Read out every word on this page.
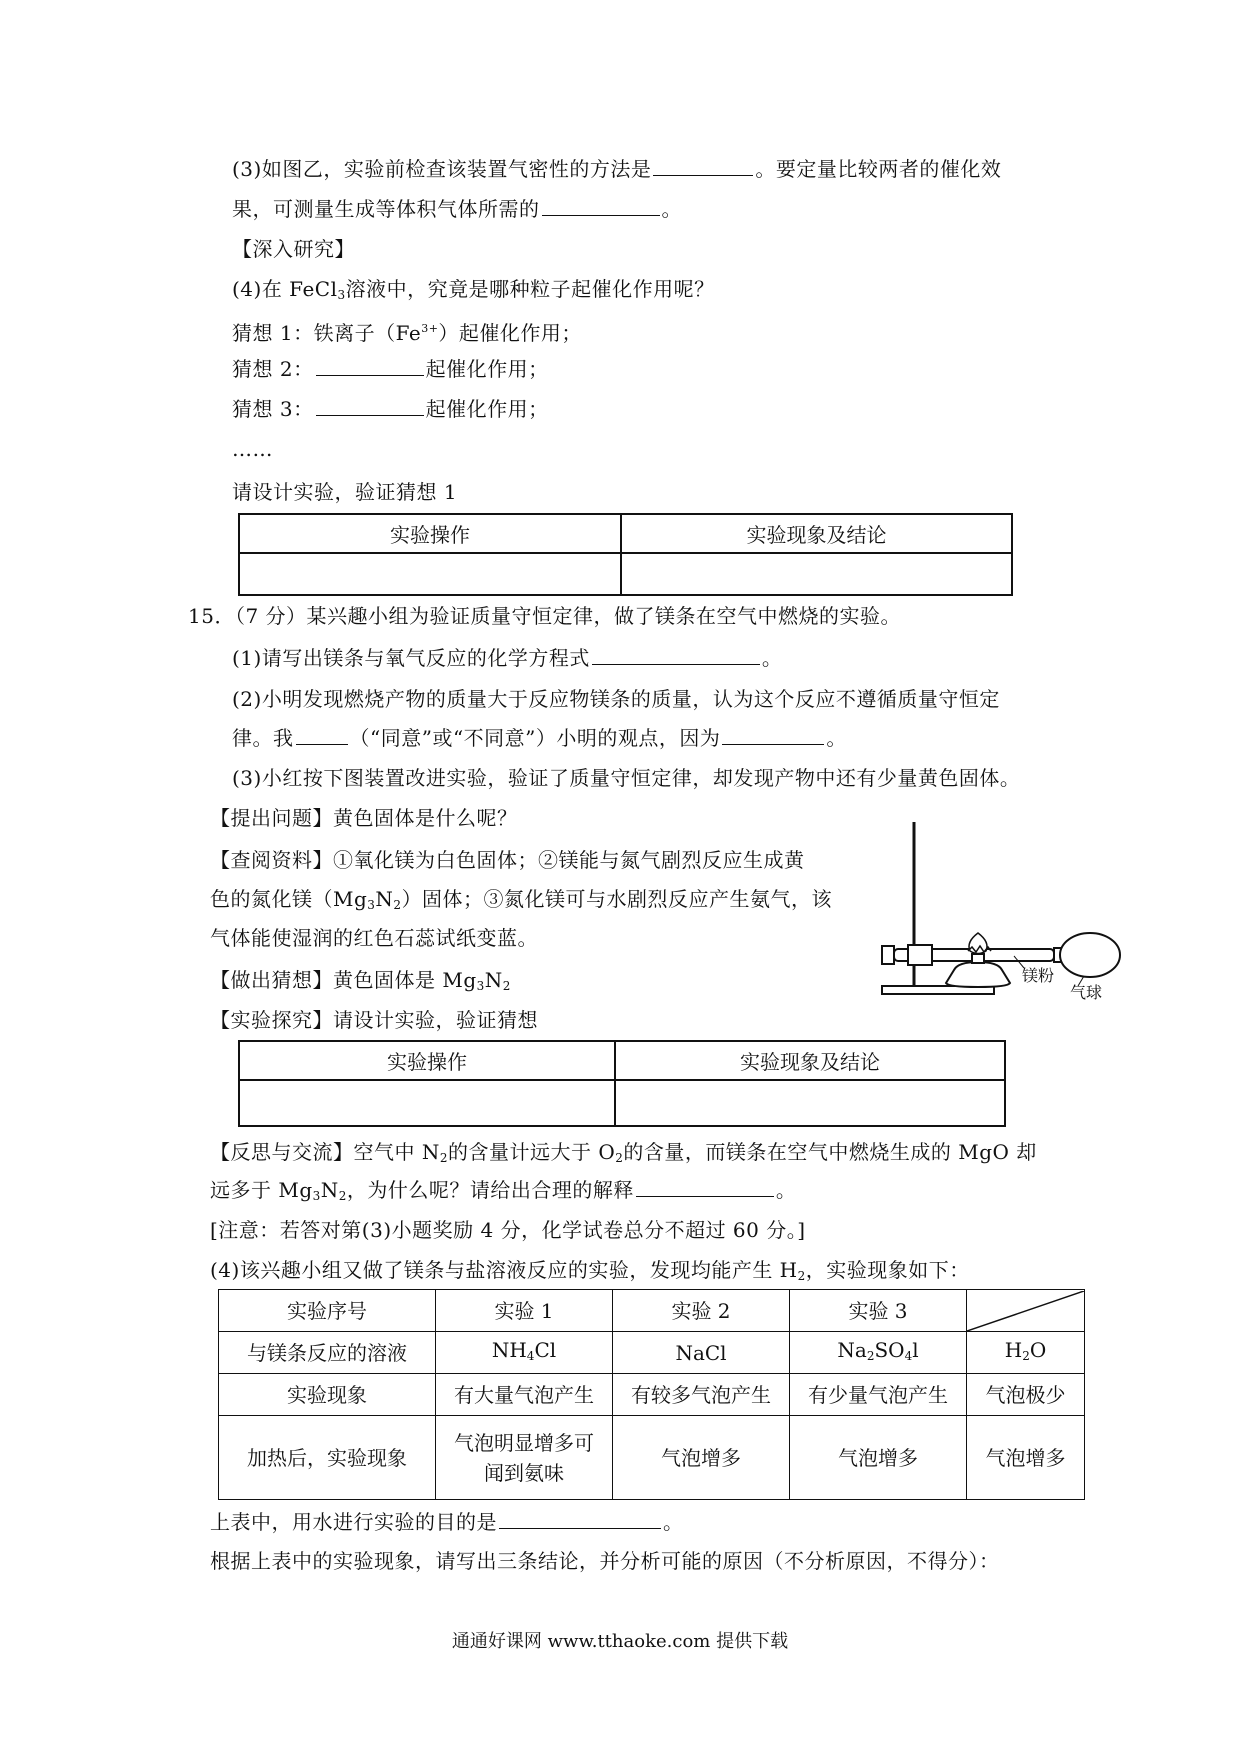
(3)如图乙，实验前检查该装置气密性的方法是	。要定量比较两者的催化效
果，可测量生成等体积气体所需的	。
【深入研究】
(4)在 FeCl$_3$溶液中，究竟是哪种粒子起催化作用呢？
猜想 1：铁离子$(Fe^{3+})$起催化作用；
猜想 2：	起催化作用；
猜想 3：	起催化作用；
……
请设计实验，验证猜想 1
实验操作	实验现象及结论

15．（7 分）某兴趣小组为验证质量守恒定律，做了镁条在空气中燃烧的实验。
(1)请写出镁条与氧气反应的化学方程式	。
(2)小明发现燃烧产物的质量大于反应物镁条的质量，认为这个反应不遵循质量守恒定
律。我	（“同意”或“不同意”）小明的观点，因为	。
(3)小红按下图装置改进实验，验证了质量守恒定律，却发现产物中还有少量黄色固体。
【提出问题】黄色固体是什么呢？
【查阅资料】①氧化镁为白色固体；②镁能与氮气剧烈反应生成黄
色的氮化镁$(Mg_3N_2)$固体；③氮化镁可与水剧烈反应产生氨气，该
气体能使湿润的红色石蕊试纸变蓝。
【做出猜想】黄色固体是 $Mg_3N_2$
【实验探究】请设计实验，验证猜想
镁粉
气球
实验操作	实验现象及结论

【反思与交流】空气中 $N_2$的含量计远大于 $O_2$的含量，而镁条在空气中燃烧生成的 MgO 却
远多于 $Mg_3N_2$，为什么呢？请给出合理的解释	。
[注意：若答对第(3)小题奖励 4 分，化学试卷总分不超过 60 分。]
(4)该兴趣小组又做了镁条与盐溶液反应的实验，发现均能产生 $H_2$，实验现象如下：
实验序号	实验 1	实验 2	实验 3	

与镁条反应的溶液	$NH_4Cl$	NaCl	$Na_2SO_4l$	$H_2O$
实验现象	有大量气泡产生	有较多气泡产生	有少量气泡产生	气泡极少
加热后，实验现象	气泡明显增多可
闻到氨味	气泡增多	气泡增多	气泡增多
上表中，用水进行实验的目的是	。
根据上表中的实验现象，请写出三条结论，并分析可能的原因（不分析原因，不得分）：
通通好课网 www.tthaoke.com 提供下载
